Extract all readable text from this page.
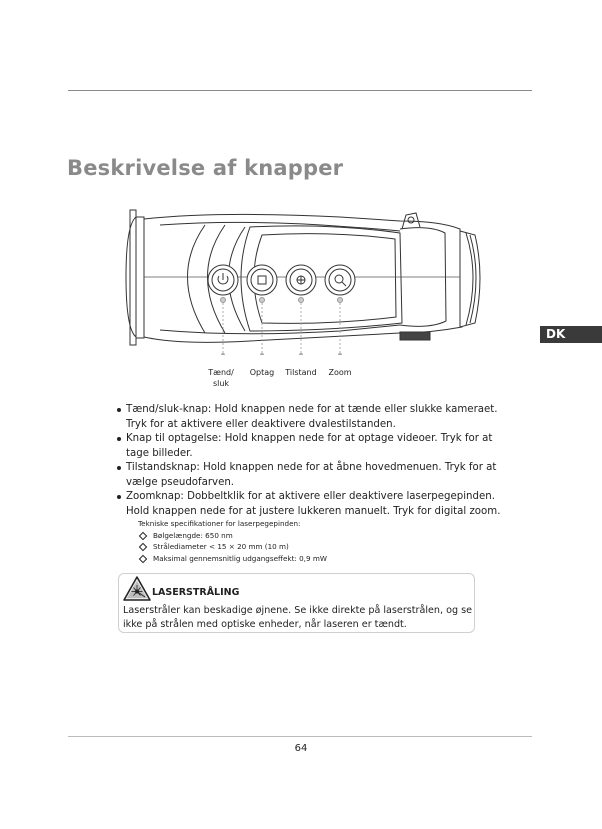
Beskrivelse af knapper
DK
Tænd/
sluk
Optag	Tilstand	Zoom
Tænd/sluk-knap: Hold knappen nede for at tænde eller slukke kameraet. Tryk for at aktivere eller deaktivere dvalestilstanden.
Knap til optagelse: Hold knappen nede for at optage videoer. Tryk for at tage billeder.
Tilstandsknap: Hold knappen nede for at åbne hovedmenuen. Tryk for at vælge pseudofarven.
Zoomknap: Dobbeltklik for at aktivere eller deaktivere laserpegepinden. Hold knappen nede for at justere lukkeren manuelt. Tryk for digital zoom.
Tekniske specifikationer for laserpegepinden:
Bølgelængde: 650 nm
Strålediameter < 15 × 20 mm (10 m)
Maksimal gennemsnitlig udgangseffekt: 0,9 mW
LASERSTRÅLING
Laserstråler kan beskadige øjnene. Se ikke direkte på laserstrålen, og se ikke på strålen med optiske enheder, når laseren er tændt.
64
